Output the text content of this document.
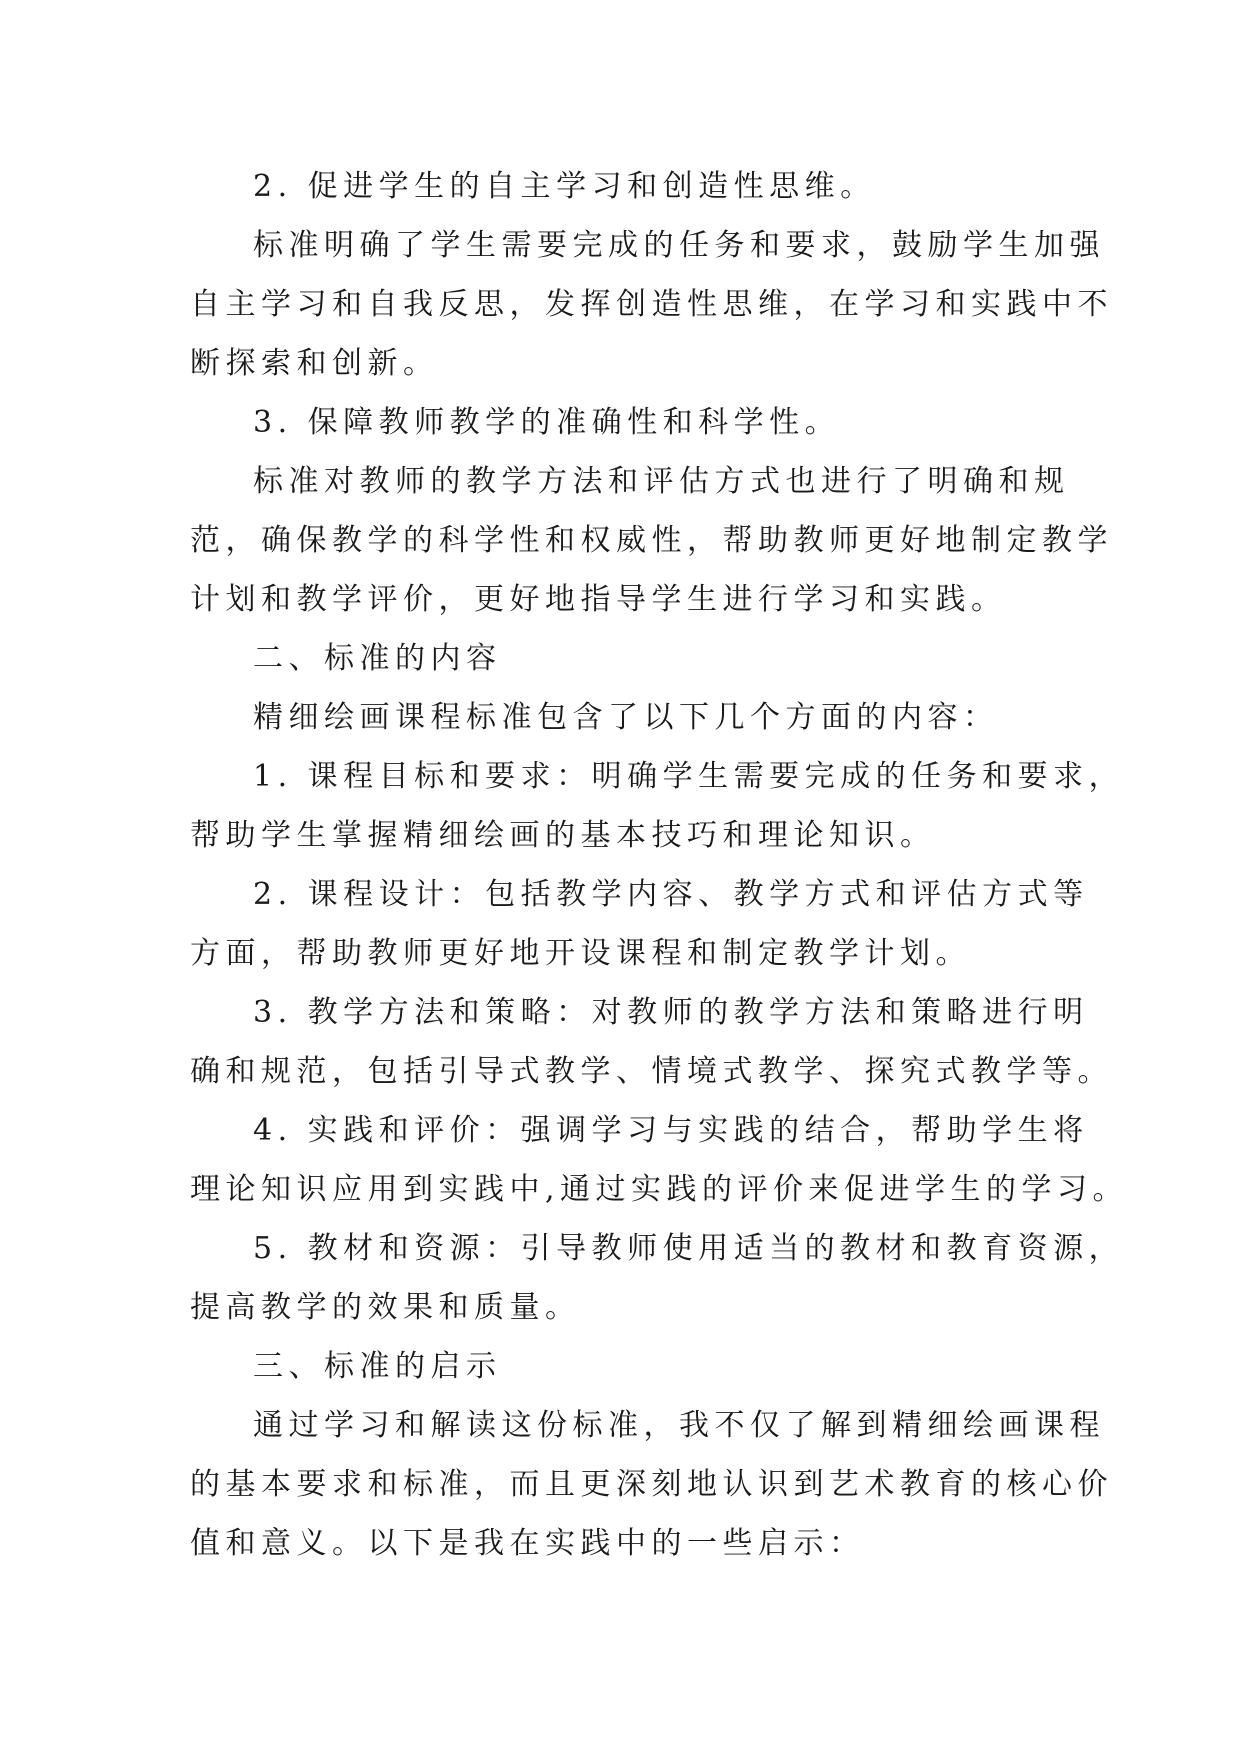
2. 促进学生的自主学习和创造性思维。
标准明确了学生需要完成的任务和要求，鼓励学生加强
自主学习和自我反思，发挥创造性思维，在学习和实践中不
断探索和创新。
3. 保障教师教学的准确性和科学性。
标准对教师的教学方法和评估方式也进行了明确和规
范，确保教学的科学性和权威性，帮助教师更好地制定教学
计划和教学评价，更好地指导学生进行学习和实践。
二、标准的内容
精细绘画课程标准包含了以下几个方面的内容：
1. 课程目标和要求：明确学生需要完成的任务和要求，
帮助学生掌握精细绘画的基本技巧和理论知识。
2. 课程设计：包括教学内容、教学方式和评估方式等
方面，帮助教师更好地开设课程和制定教学计划。
3. 教学方法和策略：对教师的教学方法和策略进行明
确和规范，包括引导式教学、情境式教学、探究式教学等。
4. 实践和评价：强调学习与实践的结合，帮助学生将
理论知识应用到实践中,通过实践的评价来促进学生的学习。
5. 教材和资源：引导教师使用适当的教材和教育资源，
提高教学的效果和质量。
三、标准的启示
通过学习和解读这份标准，我不仅了解到精细绘画课程
的基本要求和标准，而且更深刻地认识到艺术教育的核心价
值和意义。以下是我在实践中的一些启示：
